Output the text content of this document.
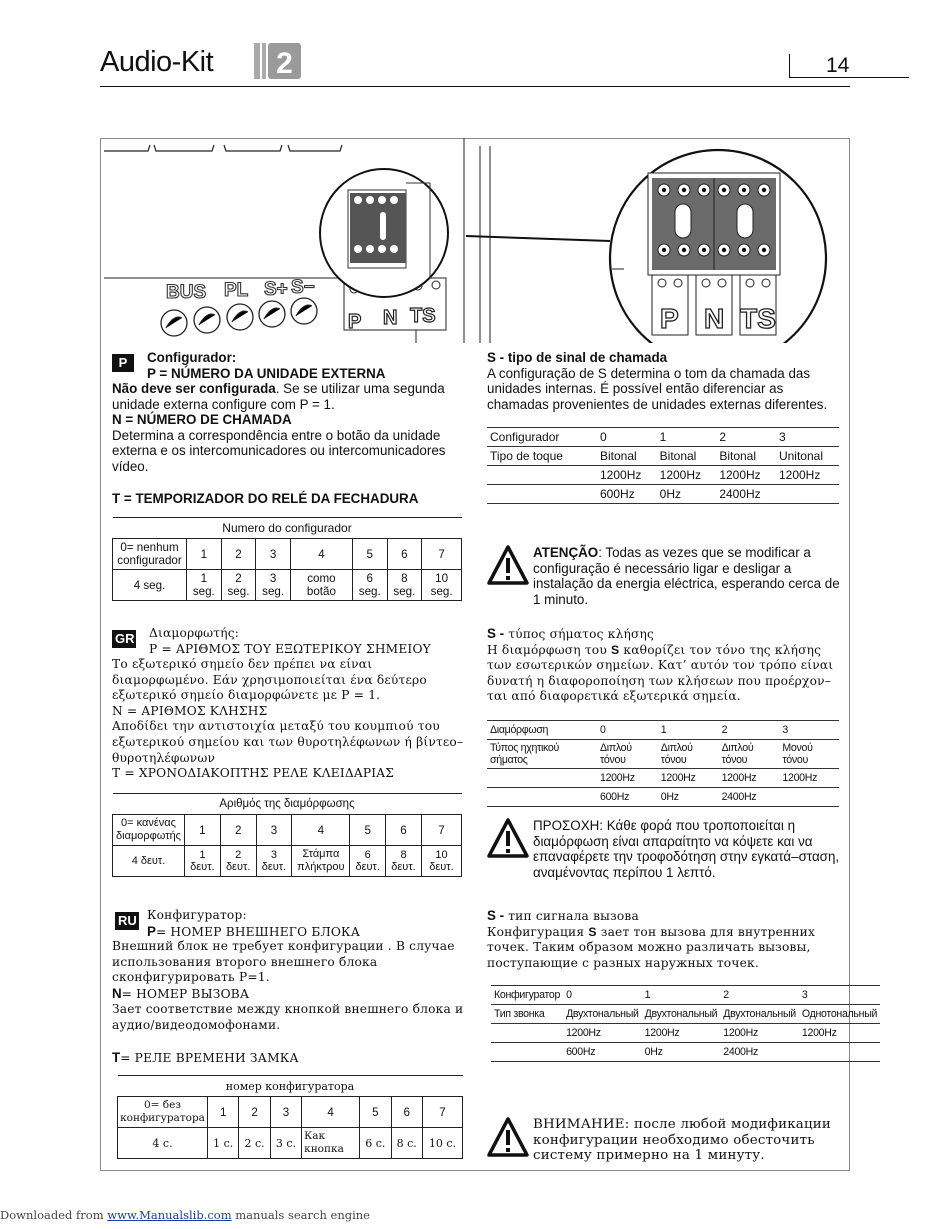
Audio-Kit 2	14
BUS PL S+ S−
P N TS	P N TS
P	Configurador:
P = NÚMERO DA UNIDADE EXTERNA

Não deve ser configurada. Se se utilizar uma segunda unidade externa configure com P = 1.

N = NÚMERO DE CHAMADA

Determina a correspondência entre o botão da unidade externa e os intercomunicadores ou intercomunicadores vídeo.

T = TEMPORIZADOR DO RELÉ DA FECHADURA

Numero do configurador							
0= nenhum configurador	1	2	3	4	5	6	7
4 seg.	1 seg.	2 seg.	3 seg.	como botão	6 seg.	8 seg.	10 seg.

S - tipo de sinal de chamada

A configuração de S determina o tom da chamada das unidades internas. É possível então diferenciar as chamadas provenientes de unidades externas diferentes.

Configurador	0	1	2	3
Tipo de toque	Bitonal	Bitonal	Bitonal	Unitonal
	1200Hz	1200Hz	1200Hz	1200Hz
	600Hz	0Hz	2400Hz	
ATENÇÃO: Todas as vezes que se modificar a configuração é necessário ligar e desligar a instalação da energia eléctrica, esperando cerca de 1 minuto.
GR Διαμορφωτής:
P = ΑΡΙΘΜΟΣ ΤΟΥ ΕΞΩΤΕΡΙΚΟΥ ΣΗΜΕΙΟΥ

Το εξωτερικό σημείο δεν πρέπει να είναι διαμορφωμένο. Εάν χρησιμοποιείται ένα δεύτερο εξωτερικό σημείο διαμορφώνετε με P = 1.

N = ΑΡΙΘΜΟΣ ΚΛΗΣΗΣ

Αποδίδει την αντιστοιχία μεταξύ του κουμπιού του εξωτερικού σημείου και των θυροτηλέφωνων ή βίντεο–θυροτηλέφωνων

T = ΧΡΟΝΟΔΙΑΚΟΠΤΗΣ ΡΕΛΕ ΚΛΕΙΔΑΡΙΑΣ

Αριθμός της διαμόρφωσης							
0= κανένας διαμορφωτής	1	2	3	4	5	6	7
4 δευτ.	1 δευτ.	2 δευτ.	3 δευτ.	Στάμπα πλήκτρου	6 δευτ.	8 δευτ.	10 δευτ.

S - τύπος σήματος κλήσης

Η διαμόρφωση του S καθορίζει τον τόνο της κλήσης των εσωτερικών σημείων. Κατ’ αυτόν τον τρόπο είναι δυνατή η διαφοροποίηση των κλήσεων που προέρχον–ται από διαφορετικά εξωτερικά σημεία.

Διαμόρφωση	0	1	2	3
Τύπος ηχητικού σήματος	Διπλού τόνου	Διπλού τόνου	Διπλού τόνου	Μονού τόνου
	1200Hz	1200Hz	1200Hz	1200Hz
	600Hz	0Hz	2400Hz	
ΠΡΟΣΟΧΗ: Κάθε φορά που τροποποιείται η διαμόρφωση είναι απαραίτητο να κόψετε και να επαναφέρετε την τροφοδότηση στην εγκατά–σταση, αναμένοντας περίπου 1 λεπτό.
RU Конфигуратор:
P= НОМЕР ВНЕШНЕГО БЛОКА

Внешний блок не требует конфигурации . В случае использования второго внешнего блока сконфигурировать P=1.

N= НОМЕР ВЫЗОВА

Зает соответствие между кнопкой внешнего блока и аудио/видеодомофонами.

T= РЕЛЕ ВРЕМЕНИ ЗАМКА

номер конфигуратора							
0= без конфигуратора	1	2	3	4	5	6	7
4 с.	1 с.	2 с.	3 с.	Как кнопка	6 с.	8 с.	10 с.

S - тип сигнала вызова

Конфигурация S зает тон вызова для внутренних точек. Таким образом можно различать вызовы, поступающие с разных наружных точек.

Конфигуратор	0	1	2	3
Тип звонка	Двухтональный	Двухтональный	Двухтональный	Однотональный
	1200Hz	1200Hz	1200Hz	1200Hz
	600Hz	0Hz	2400Hz	
ВНИМАНИЕ: после любой модификации конфигурации необходимо обесточить систему примерно на 1 минуту.
Downloaded from www.Manualslib.com manuals search engine
